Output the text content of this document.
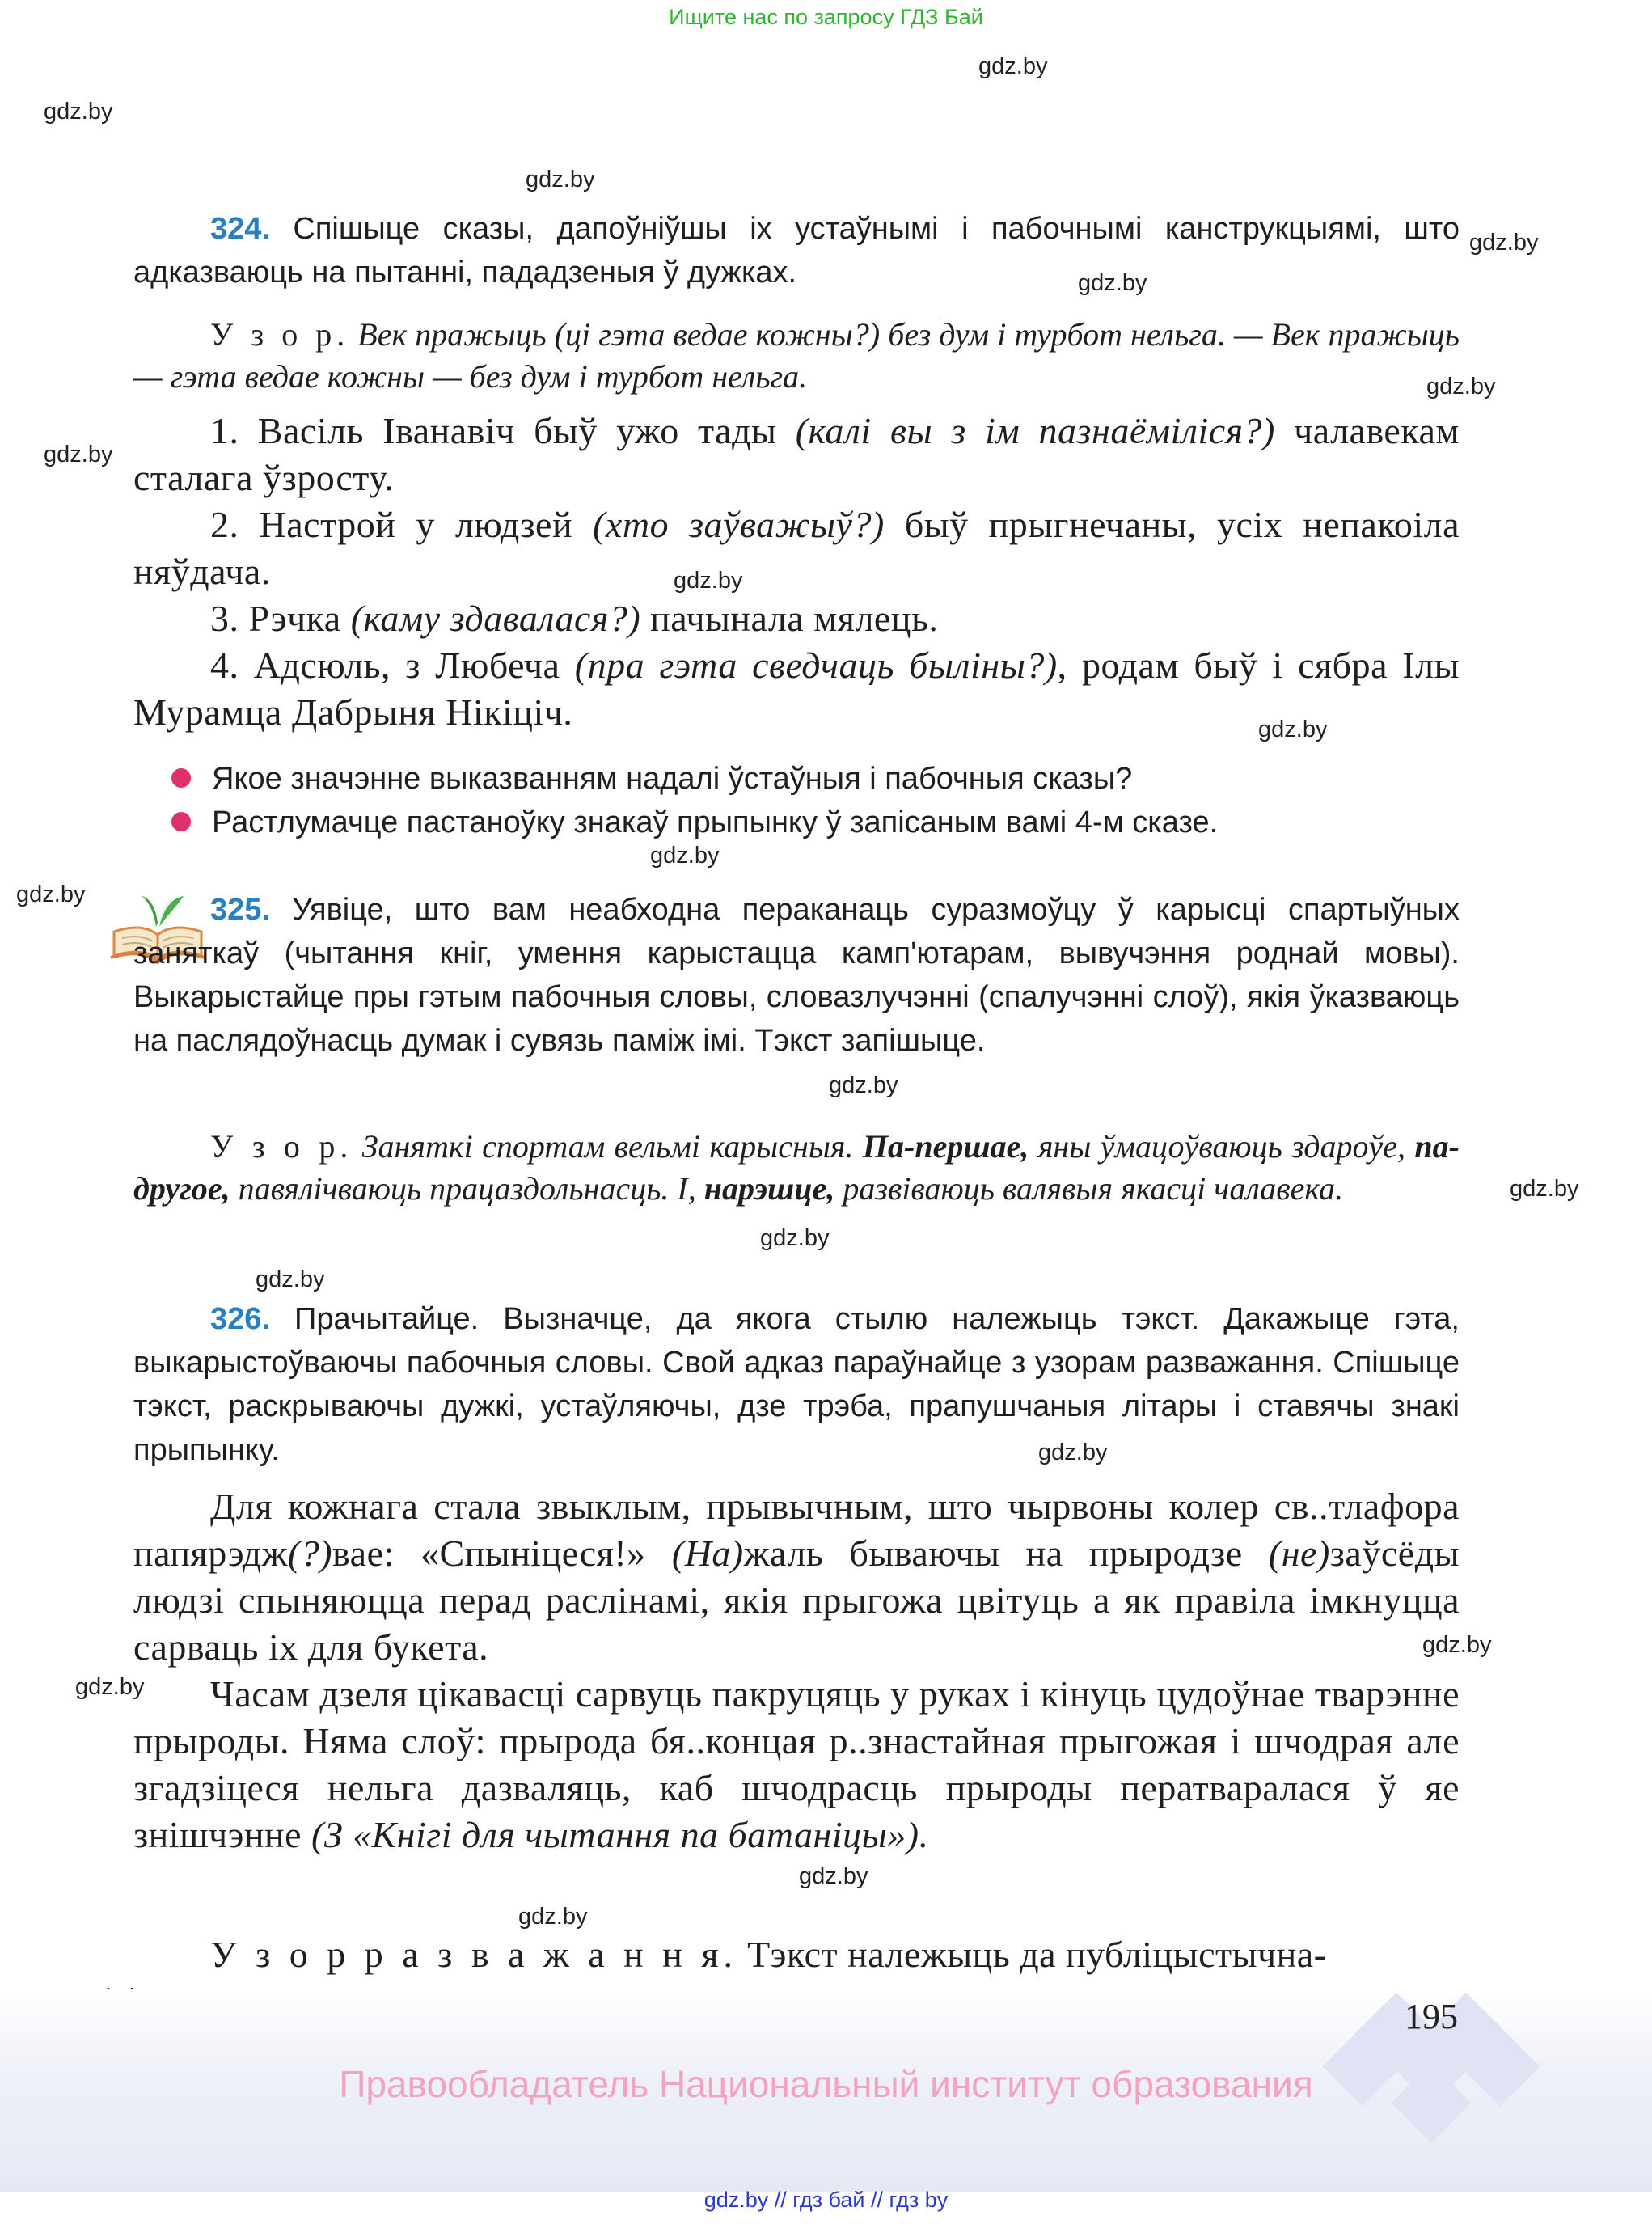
Ищите нас по запросу ГДЗ Бай
gdz.by
gdz.by
gdz.by
gdz.by
gdz.by
gdz.by
gdz.by
gdz.by
gdz.by
gdz.by
gdz.by
gdz.by
gdz.by
gdz.by
gdz.by
gdz.by
gdz.by
gdz.by
gdz.by
gdz.by
324. Спішыце сказы, дапоўніўшы іх устаўнымі і пабочнымі канструкцыямі, што адказваюць на пытанні, пададзеныя ў дужках.
У з о р. Век пражыць (ці гэта ведае кожны?) без дум і турбот нельга. — Век пражыць — гэта ведае кожны — без дум і турбот нельга.
1. Васіль Іванавіч быў ужо тады (калі вы з ім пазнаёміліся?) чалавекам сталага ўзросту.
2. Настрой у людзей (хто заўважыў?) быў прыгнечаны, усіх непакоіла няўдача.
3. Рэчка (каму здавалася?) пачынала мялець.
4. Адсюль, з Любеча (пра гэта сведчаць быліны?), родам быў і сябра Ілы Мурамца Дабрыня Нікіціч.
Якое значэнне выказванням надалі ўстаўныя і пабочныя сказы?
Растлумачце пастаноўку знакаў прыпынку ў запісаным вамі 4-м сказе.
325. Уявіце, што вам неабходна пераканаць суразмоўцу ў карысці спартыўных заняткаў (чытання кніг, умення карыстацца камп'ютарам, вывучэння роднай мовы). Выкарыстайце пры гэтым пабочныя словы, словазлучэнні (спалучэнні слоў), якія ўказваюць на паслядоўнасць думак і сувязь паміж імі. Тэкст запішыце.
У з о р. Заняткі спортам вельмі карысныя. Па-першае, яны ўмацоўваюць здароўе, па-другое, павялічваюць працаздольнасць. І, нарэшце, развіваюць валявыя якасці чалавека.
326. Прачытайце. Вызначце, да якога стылю належыць тэкст. Дакажыце гэта, выкарыстоўваючы пабочныя словы. Свой адказ параўнайце з узорам разважання. Спішыце тэкст, раскрываючы дужкі, устаўляючы, дзе трэба, прапушчаныя літары і ставячы знакі прыпынку.
Для кожнага стала звыклым, прывычным, што чырвоны колер св..тлафора папярэдж(?)вае: «Спыніцеся!» (На)жаль бываючы на прыродзе (не)заўсёды людзі спыняюцца перад раслінамі, якія прыгожа цвітуць а як правіла імкнуцца сарваць іх для букета.
Часам дзеля цікавасці сарвуць пакруцяць у руках і кінуць цудоўнае тварэнне прыроды. Няма слоў: прырода бя..концая р..знастайная прыгожая і шчодрая але згадзіцеся нельга дазваляць, каб шчодрасць прыроды ператваралася ў яе знішчэнне (З «Кнігі для чытання па батаніцы»).
У з о р р а з в а ж а н н я. Тэкст належыць да публіцыстычна-
195
Правообладатель Национальный институт образования
gdz.by // гдз бай // гдз by
